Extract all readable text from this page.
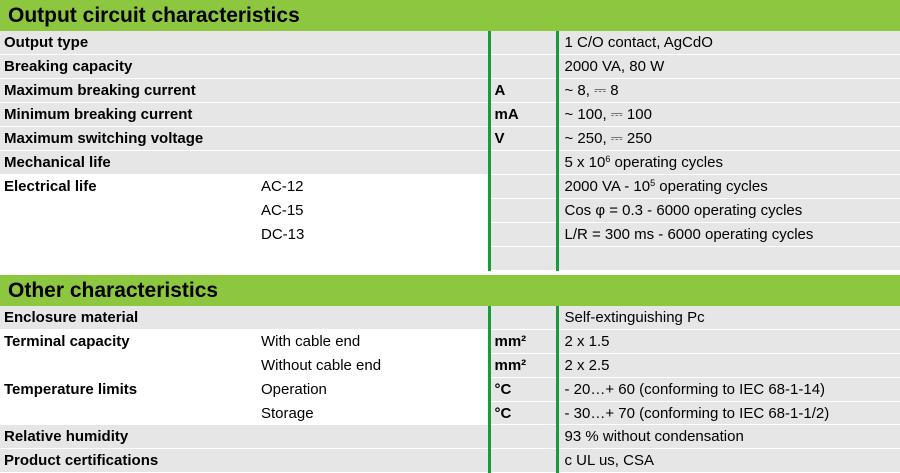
Output circuit characteristics
Output type			1 C/O contact, AgCdO
Breaking capacity			2000 VA, 80 W
Maximum breaking current		A	~ 8, ⎓ 8
Minimum breaking current		mA	~ 100, ⎓ 100
Maximum switching voltage		V	~ 250, ⎓ 250
Mechanical life			5 x $10^6$ operating cycles
Electrical life	AC-12		2000 VA - $10^5$ operating cycles
	AC-15		Cos φ = 0.3 - 6000 operating cycles
	DC-13		L/R = 300 ms - 6000 operating cycles

Other characteristics
Enclosure material			Self-extinguishing Pc
Terminal capacity	With cable end	mm²	2 x 1.5
	Without cable end	mm²	2 x 2.5
Temperature limits	Operation	°C	- 20…+ 60 (conforming to IEC 68-1-14)
	Storage	°C	- 30…+ 70 (conforming to IEC 68-1-1/2)
Relative humidity			93 % without condensation
Product certifications			c UL us, CSA
